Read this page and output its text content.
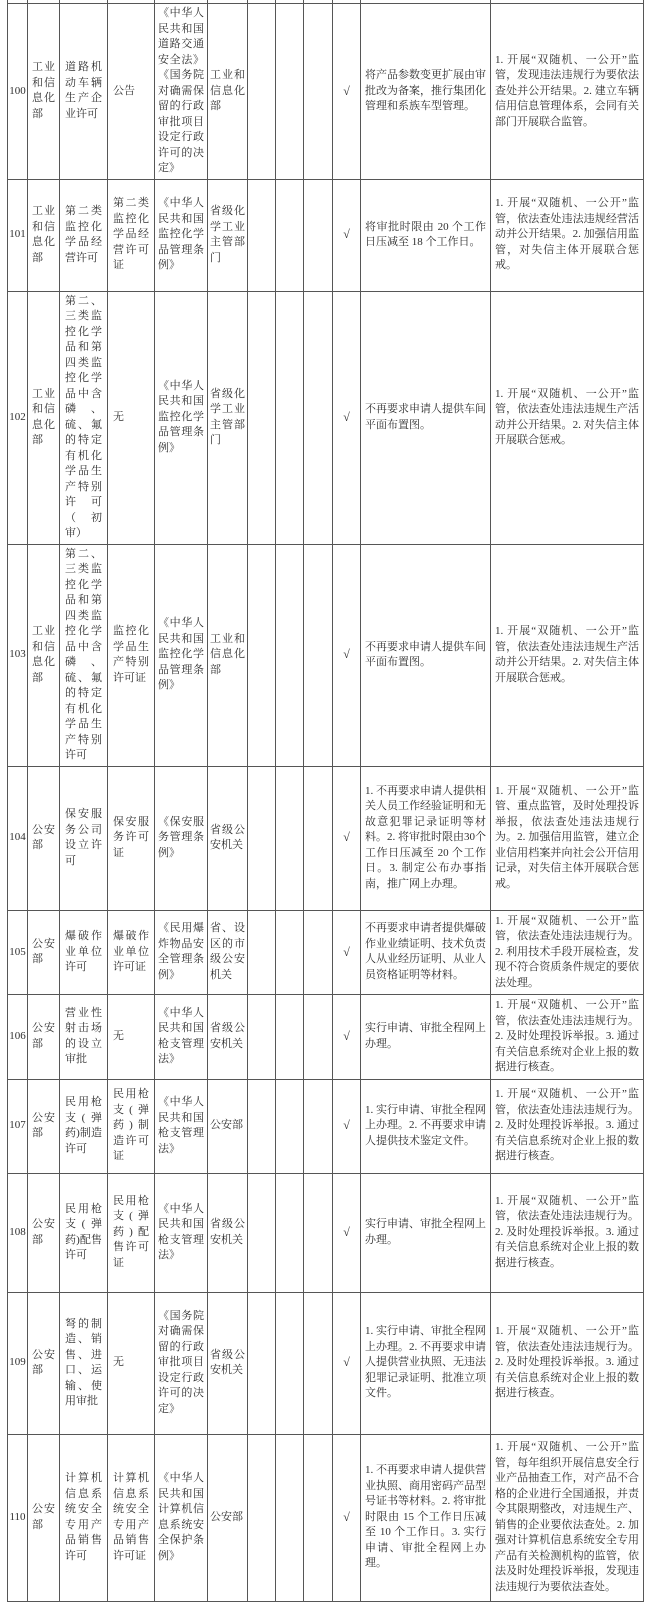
100	工业和信息化部	道路机动车辆生产企业许可	公告	《中华人民共和国道路交通安全法》《国务院对确需保留的行政审批项目设定行政许可的决定》	工业和信息化部				√	将产品参数变更扩展由审批改为备案，推行集团化管理和系族车型管理。	1. 开展“双随机、一公开”监管，发现违法违规行为要依法查处并公开结果。2. 建立车辆信用信息管理体系，会同有关部门开展联合监管。
101	工业和信息化部	第二类监控化学品经营许可	第二类监控化学品经营许可证	《中华人民共和国监控化学品管理条例》	省级化学工业主管部门				√	将审批时限由 20 个工作日压减至 18 个工作日。	1. 开展“双随机、一公开”监管，依法查处违法违规经营活动并公开结果。2. 加强信用监管，对失信主体开展联合惩戒。
102	工业和信息化部	第二、三类监控化学品和第四类监控化学品中含磷、硫、氟的特定有机化学品生产特别许可（初审）	无	《中华人民共和国监控化学品管理条例》	省级化学工业主管部门				√	不再要求申请人提供车间平面布置图。	1. 开展“双随机、一公开”监管，依法查处违法违规生产活动并公开结果。2. 对失信主体开展联合惩戒。
103	工业和信息化部	第二、三类监控化学品和第四类监控化学品中含磷、硫、氟的特定有机化学品生产特别许可	监控化学品生产特别许可证	《中华人民共和国监控化学品管理条例》	工业和信息化部				√	不再要求申请人提供车间平面布置图。	1. 开展“双随机、一公开”监管，依法查处违法违规生产活动并公开结果。2. 对失信主体开展联合惩戒。
104	公安部	保安服务公司设立许可	保安服务许可证	《保安服务管理条例》	省级公安机关				√	1. 不再要求申请人提供相关人员工作经验证明和无故意犯罪记录证明等材料。2. 将审批时限由30个工作日压减至 20 个工作日。3. 制定公布办事指南，推广网上办理。	1. 开展“双随机、一公开”监管、重点监管，及时处理投诉举报，依法查处违法违规行为。2. 加强信用监管，建立企业信用档案并向社会公开信用记录，对失信主体开展联合惩戒。
105	公安部	爆破作业单位许可	爆破作业单位许可证	《民用爆炸物品安全管理条例》	省、设区的市级公安机关				√	不再要求申请者提供爆破作业业绩证明、技术负责人从业经历证明、从业人员资格证明等材料。	1. 开展“双随机、一公开”监管，依法查处违法违规行为。2. 利用技术手段开展检查，发现不符合资质条件规定的要依法处理。
106	公安部	营业性射击场的设立审批	无	《中华人民共和国枪支管理法》	省级公安机关				√	实行申请、审批全程网上办理。	1. 开展“双随机、一公开”监管，依法查处违法违规行为。2. 及时处理投诉举报。3. 通过有关信息系统对企业上报的数据进行核查。
107	公安部	民用枪支(弹药)制造许可	民用枪支(弹药)制造许可证	《中华人民共和国枪支管理法》	公安部				√	1. 实行申请、审批全程网上办理。2. 不再要求申请人提供技术鉴定文件。	1. 开展“双随机、一公开”监管，依法查处违法违规行为。2. 及时处理投诉举报。3. 通过有关信息系统对企业上报的数据进行核查。
108	公安部	民用枪支(弹药)配售许可	民用枪支(弹药)配售许可证	《中华人民共和国枪支管理法》	省级公安机关				√	实行申请、审批全程网上办理。	1. 开展“双随机、一公开”监管，依法查处违法违规行为。2. 及时处理投诉举报。3. 通过有关信息系统对企业上报的数据进行核查。
109	公安部	弩的制造、销售、进口、运输、使用审批	无	《国务院对确需保留的行政审批项目设定行政许可的决定》	省级公安机关				√	1. 实行申请、审批全程网上办理。2. 不再要求申请人提供营业执照、无违法犯罪记录证明、批准立项文件。	1. 开展“双随机、一公开”监管，依法查处违法违规行为。2. 及时处理投诉举报。3. 通过有关信息系统对企业上报的数据进行核查。
110	公安部	计算机信息系统安全专用产品销售许可	计算机信息系统安全专用产品销售许可证	《中华人民共和国计算机信息系统安全保护条例》	公安部				√	1. 不再要求申请人提供营业执照、商用密码产品型号证书等材料。2. 将审批时限由 15 个工作日压减至 10 个工作日。3. 实行申请、审批全程网上办理。	1. 开展“双随机、一公开”监管，每年组织开展信息安全行业产品抽查工作，对产品不合格的企业进行全国通报，并责令其限期整改，对违规生产、销售的企业要依法查处。2. 加强对计算机信息系统安全专用产品有关检测机构的监管，依法及时处理投诉举报，发现违法违规行为要依法查处。
